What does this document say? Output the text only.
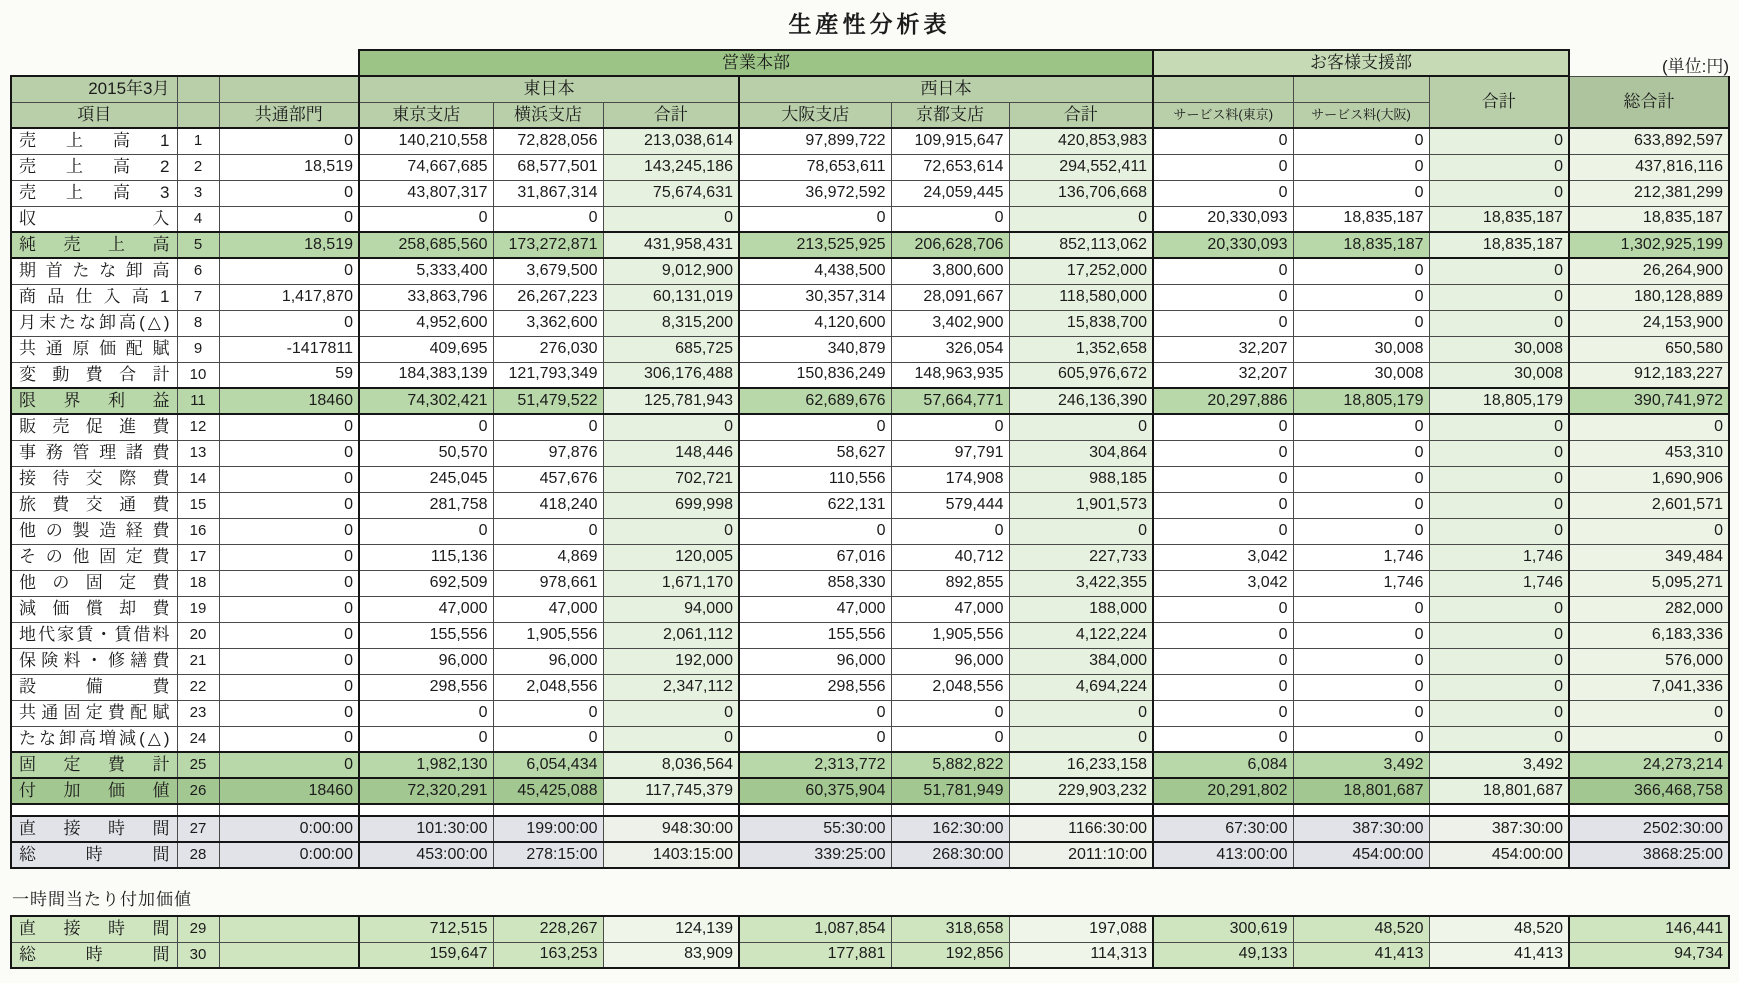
生産性分析表
			営業本部						お客様支援部			(単位:円)
2015年3月			東日本			西日本					合計	総合計
項目		共通部門	東京支店	横浜支店	合計	大阪支店	京都支店	合計	サービス料(東京)	サービス料(大阪)		
売上高1	1	0	140,210,558	72,828,056	213,038,614	97,899,722	109,915,647	420,853,983	0	0	0	633,892,597
売上高2	2	18,519	74,667,685	68,577,501	143,245,186	78,653,611	72,653,614	294,552,411	0	0	0	437,816,116
売上高3	3	0	43,807,317	31,867,314	75,674,631	36,972,592	24,059,445	136,706,668	0	0	0	212,381,299
収入	4	0	0	0	0	0	0	0	20,330,093	18,835,187	18,835,187	18,835,187
純売上高	5	18,519	258,685,560	173,272,871	431,958,431	213,525,925	206,628,706	852,113,062	20,330,093	18,835,187	18,835,187	1,302,925,199
期首たな卸高	6	0	5,333,400	3,679,500	9,012,900	4,438,500	3,800,600	17,252,000	0	0	0	26,264,900
商品仕入高1	7	1,417,870	33,863,796	26,267,223	60,131,019	30,357,314	28,091,667	118,580,000	0	0	0	180,128,889
月末たな卸高(△)	8	0	4,952,600	3,362,600	8,315,200	4,120,600	3,402,900	15,838,700	0	0	0	24,153,900
共通原価配賦	9	-1417811	409,695	276,030	685,725	340,879	326,054	1,352,658	32,207	30,008	30,008	650,580
変動費合計	10	59	184,383,139	121,793,349	306,176,488	150,836,249	148,963,935	605,976,672	32,207	30,008	30,008	912,183,227
限界利益	11	18460	74,302,421	51,479,522	125,781,943	62,689,676	57,664,771	246,136,390	20,297,886	18,805,179	18,805,179	390,741,972
販売促進費	12	0	0	0	0	0	0	0	0	0	0	0
事務管理諸費	13	0	50,570	97,876	148,446	58,627	97,791	304,864	0	0	0	453,310
接待交際費	14	0	245,045	457,676	702,721	110,556	174,908	988,185	0	0	0	1,690,906
旅費交通費	15	0	281,758	418,240	699,998	622,131	579,444	1,901,573	0	0	0	2,601,571
他の製造経費	16	0	0	0	0	0	0	0	0	0	0	0
その他固定費	17	0	115,136	4,869	120,005	67,016	40,712	227,733	3,042	1,746	1,746	349,484
他の固定費	18	0	692,509	978,661	1,671,170	858,330	892,855	3,422,355	3,042	1,746	1,746	5,095,271
減価償却費	19	0	47,000	47,000	94,000	47,000	47,000	188,000	0	0	0	282,000
地代家賃・賃借料	20	0	155,556	1,905,556	2,061,112	155,556	1,905,556	4,122,224	0	0	0	6,183,336
保険料・修繕費	21	0	96,000	96,000	192,000	96,000	96,000	384,000	0	0	0	576,000
設備費	22	0	298,556	2,048,556	2,347,112	298,556	2,048,556	4,694,224	0	0	0	7,041,336
共通固定費配賦	23	0	0	0	0	0	0	0	0	0	0	0
たな卸高増減(△)	24	0	0	0	0	0	0	0	0	0	0	0
固定費計	25	0	1,982,130	6,054,434	8,036,564	2,313,772	5,882,822	16,233,158	6,084	3,492	3,492	24,273,214
付加価値	26	18460	72,320,291	45,425,088	117,745,379	60,375,904	51,781,949	229,903,232	20,291,802	18,801,687	18,801,687	366,468,758

直接時間	27	0:00:00	101:30:00	199:00:00	948:30:00	55:30:00	162:30:00	1166:30:00	67:30:00	387:30:00	387:30:00	2502:30:00
総時間	28	0:00:00	453:00:00	278:15:00	1403:15:00	339:25:00	268:30:00	2011:10:00	413:00:00	454:00:00	454:00:00	3868:25:00
一時間当たり付加価値
直接時間	29		712,515	228,267	124,139	1,087,854	318,658	197,088	300,619	48,520	48,520	146,441
総時間	30		159,647	163,253	83,909	177,881	192,856	114,313	49,133	41,413	41,413	94,734
